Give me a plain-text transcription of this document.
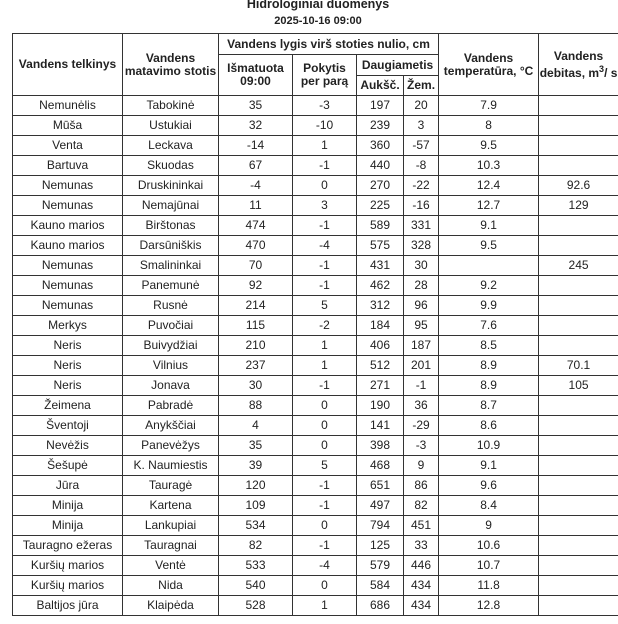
Hidrologiniai duomenys
2025-10-16 09:00
Vandens telkinys	Vandens matavimo stotis	Vandens lygis virš stoties nulio, cm				Vandens temperatūra, °C	Vandens debitas, $m^3/$ s
		Išmatuota 09:00	Pokytis per parą	Daugiametis			
				Aukšč.	Žem.		
Nemunėlis	Tabokinė	35	-3	197	20	7.9	
Mūša	Ustukiai	32	-10	239	3	8	
Venta	Leckava	-14	1	360	-57	9.5	
Bartuva	Skuodas	67	-1	440	-8	10.3	
Nemunas	Druskininkai	-4	0	270	-22	12.4	92.6
Nemunas	Nemajūnai	11	3	225	-16	12.7	129
Kauno marios	Birštonas	474	-1	589	331	9.1	
Kauno marios	Darsūniškis	470	-4	575	328	9.5	
Nemunas	Smalininkai	70	-1	431	30		245
Nemunas	Panemunė	92	-1	462	28	9.2	
Nemunas	Rusnė	214	5	312	96	9.9	
Merkys	Puvočiai	115	-2	184	95	7.6	
Neris	Buivydžiai	210	1	406	187	8.5	
Neris	Vilnius	237	1	512	201	8.9	70.1
Neris	Jonava	30	-1	271	-1	8.9	105
Žeimena	Pabradė	88	0	190	36	8.7	
Šventoji	Anykščiai	4	0	141	-29	8.6	
Nevėžis	Panevėžys	35	0	398	-3	10.9	
Šešupė	K. Naumiestis	39	5	468	9	9.1	
Jūra	Tauragė	120	-1	651	86	9.6	
Minija	Kartena	109	-1	497	82	8.4	
Minija	Lankupiai	534	0	794	451	9	
Tauragno ežeras	Tauragnai	82	-1	125	33	10.6	
Kuršių marios	Ventė	533	-4	579	446	10.7	
Kuršių marios	Nida	540	0	584	434	11.8	
Baltijos jūra	Klaipėda	528	1	686	434	12.8	
